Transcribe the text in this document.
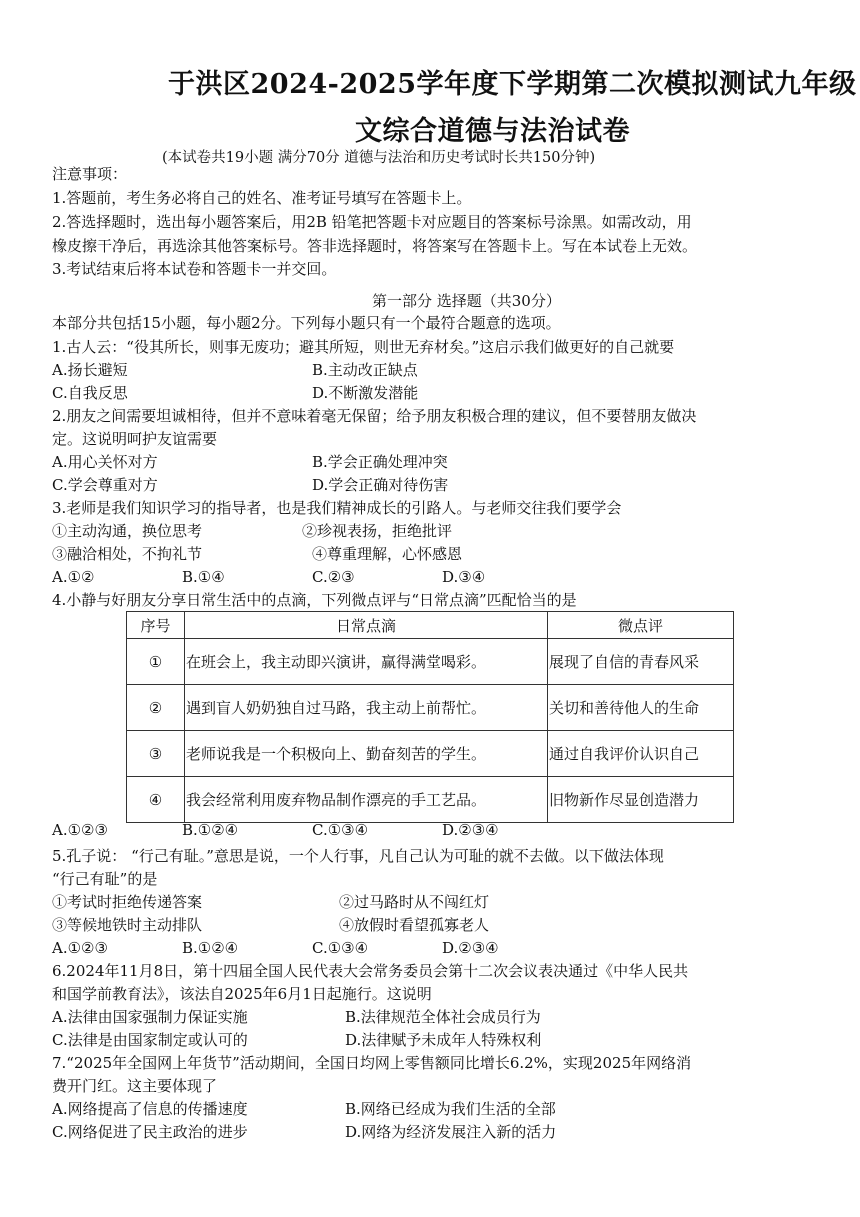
于洪区2024-2025学年度下学期第二次模拟测试九年级
文综合道德与法治试卷
(本试卷共19小题 满分70分 道德与法治和历史考试时长共150分钟)
注意事项：
1.答题前，考生务必将自己的姓名、准考证号填写在答题卡上。
2.答选择题时，选出每小题答案后，用2B 铅笔把答题卡对应题目的答案标号涂黑。如需改动，用
橡皮擦干净后，再选涂其他答案标号。答非选择题时，将答案写在答题卡上。写在本试卷上无效。
3.考试结束后将本试卷和答题卡一并交回。
第一部分 选择题（共30分）
本部分共包括15小题，每小题2分。下列每小题只有一个最符合题意的选项。
1.古人云：“役其所长，则事无废功；避其所短，则世无弃材矣。”这启示我们做更好的自己就要
A.扬长避短	B.主动改正缺点
C.自我反思	D.不断激发潜能
2.朋友之间需要坦诚相待，但并不意味着毫无保留；给予朋友积极合理的建议，但不要替朋友做决
定。这说明呵护友谊需要
A.用心关怀对方	B.学会正确处理冲突
C.学会尊重对方	D.学会正确对待伤害
3.老师是我们知识学习的指导者，也是我们精神成长的引路人。与老师交往我们要学会
①主动沟通，换位思考	②珍视表扬，拒绝批评
③融洽相处，不拘礼节	④尊重理解，心怀感恩
A.①②	B.①④	C.②③	D.③④
4.小静与好朋友分享日常生活中的点滴，下列微点评与“日常点滴”匹配恰当的是
序号	日常点滴	微点评
①	在班会上，我主动即兴演讲，赢得满堂喝彩。	展现了自信的青春风采
②	遇到盲人奶奶独自过马路，我主动上前帮忙。	关切和善待他人的生命
③	老师说我是一个积极向上、勤奋刻苦的学生。	通过自我评价认识自己
④	我会经常利用废弃物品制作漂亮的手工艺品。	旧物新作尽显创造潜力
A.①②③	B.①②④	C.①③④	D.②③④
5.孔子说： “行己有耻。”意思是说，一个人行事，凡自己认为可耻的就不去做。以下做法体现
“行己有耻”的是
①考试时拒绝传递答案	②过马路时从不闯红灯
③等候地铁时主动排队	④放假时看望孤寡老人
A.①②③	B.①②④	C.①③④	D.②③④
6.2024年11月8日，第十四届全国人民代表大会常务委员会第十二次会议表决通过《中华人民共
和国学前教育法》，该法自2025年6月1日起施行。这说明
A.法律由国家强制力保证实施	B.法律规范全体社会成员行为
C.法律是由国家制定或认可的	D.法律赋予未成年人特殊权利
7.“2025年全国网上年货节”活动期间，全国日均网上零售额同比增长6.2%，实现2025年网络消
费开门红。这主要体现了
A.网络提高了信息的传播速度	B.网络已经成为我们生活的全部
C.网络促进了民主政治的进步	D.网络为经济发展注入新的活力
